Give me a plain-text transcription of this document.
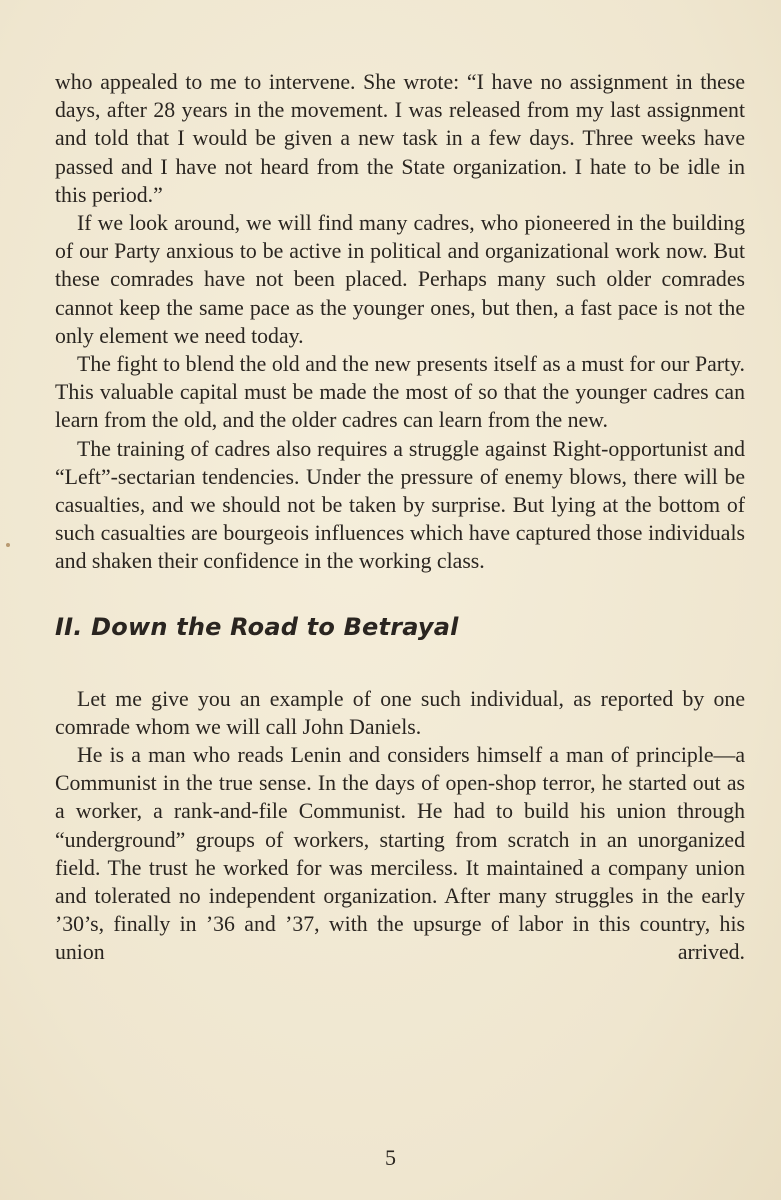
who appealed to me to intervene. She wrote: “I have no assignment in these days, after 28 years in the movement. I was released from my last assignment and told that I would be given a new task in a few days. Three weeks have passed and I have not heard from the State organization. I hate to be idle in this period.”

If we look around, we will find many cadres, who pioneered in the building of our Party anxious to be active in political and organizational work now. But these comrades have not been placed. Perhaps many such older comrades cannot keep the same pace as the younger ones, but then, a fast pace is not the only element we need today.

The fight to blend the old and the new presents itself as a must for our Party. This valuable capital must be made the most of so that the younger cadres can learn from the old, and the older cadres can learn from the new.

The training of cadres also requires a struggle against Right-opportunist and “Left”-sectarian tendencies. Under the pressure of enemy blows, there will be casualties, and we should not be taken by surprise. But lying at the bottom of such casualties are bourgeois influences which have captured those individuals and shaken their confidence in the working class.

II. Down the Road to Betrayal

Let me give you an example of one such individual, as reported by one comrade whom we will call John Daniels.

He is a man who reads Lenin and considers himself a man of principle—a Communist in the true sense. In the days of open-shop terror, he started out as a worker, a rank-and-file Communist. He had to build his union through “underground” groups of workers, starting from scratch in an unorganized field. The trust he worked for was merciless. It maintained a company union and tolerated no independent organization. After many struggles in the early ’30’s, finally in ’36 and ’37, with the upsurge of labor in this country, his union arrived.

5
